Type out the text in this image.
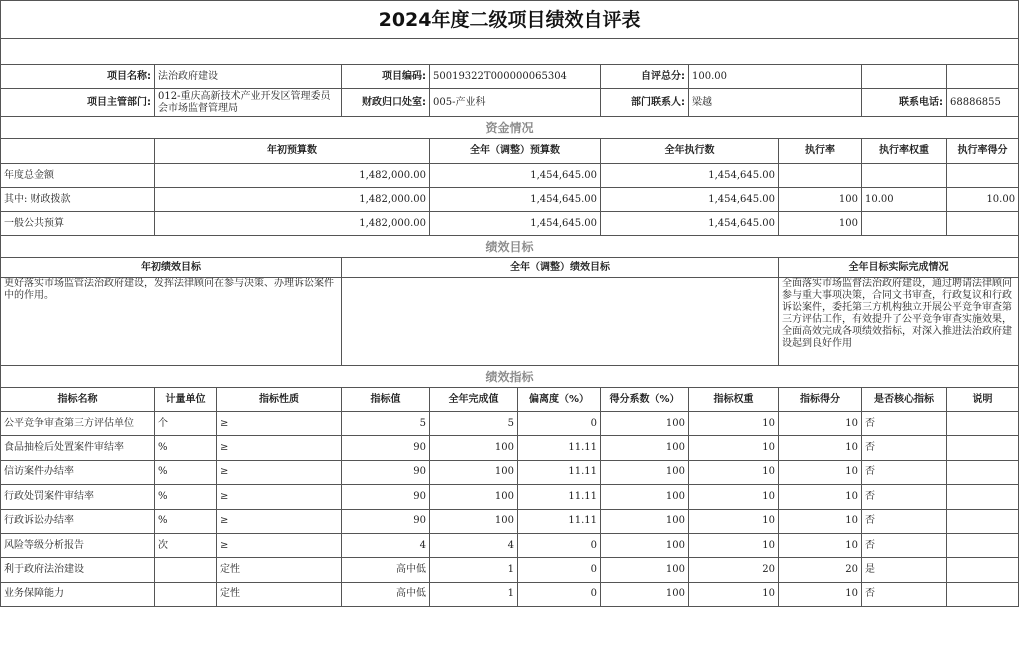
2024年度二级项目绩效自评表										

项目名称:	法治政府建设		项目编码:	50019322T000000065304		自评总分:	100.00			
项目主管部门:	012-重庆高新技术产业开发区管理委员会市场监督管理局		财政归口处室:	005-产业科		部门联系人:	梁越		联系电话:	68886855
资金情况										
	年初预算数			全年（调整）预算数		全年执行数		执行率	执行率权重	执行率得分
年度总金额	1,482,000.00			1,454,645.00		1,454,645.00				
其中: 财政拨款	1,482,000.00			1,454,645.00		1,454,645.00		100	10.00	10.00
一般公共预算	1,482,000.00			1,454,645.00		1,454,645.00		100		
绩效目标										
年初绩效目标			全年（调整）绩效目标					全年目标实际完成情况		
更好落实市场监管法治政府建设，发挥法律顾问在参与决策、办理诉讼案件中的作用。								全面落实市场监督法治政府建设，通过聘请法律顾问参与重大事项决策，合同文书审查，行政复议和行政诉讼案件，委托第三方机构独立开展公平竞争审查第三方评估工作，有效提升了公平竞争审查实施效果，全面高效完成各项绩效指标，对深入推进法治政府建设起到良好作用		
绩效指标										
指标名称	计量单位	指标性质	指标值	全年完成值	偏离度（%）	得分系数（%）	指标权重	指标得分	是否核心指标	说明
公平竞争审查第三方评估单位	个	≥	5	5	0	100	10	10	否	
食品抽检后处置案件审结率	%	≥	90	100	11.11	100	10	10	否	
信访案件办结率	%	≥	90	100	11.11	100	10	10	否	
行政处罚案件审结率	%	≥	90	100	11.11	100	10	10	否	
行政诉讼办结率	%	≥	90	100	11.11	100	10	10	否	
风险等级分析报告	次	≥	4	4	0	100	10	10	否	
利于政府法治建设		定性	高中低	1	0	100	20	20	是	
业务保障能力		定性	高中低	1	0	100	10	10	否	
